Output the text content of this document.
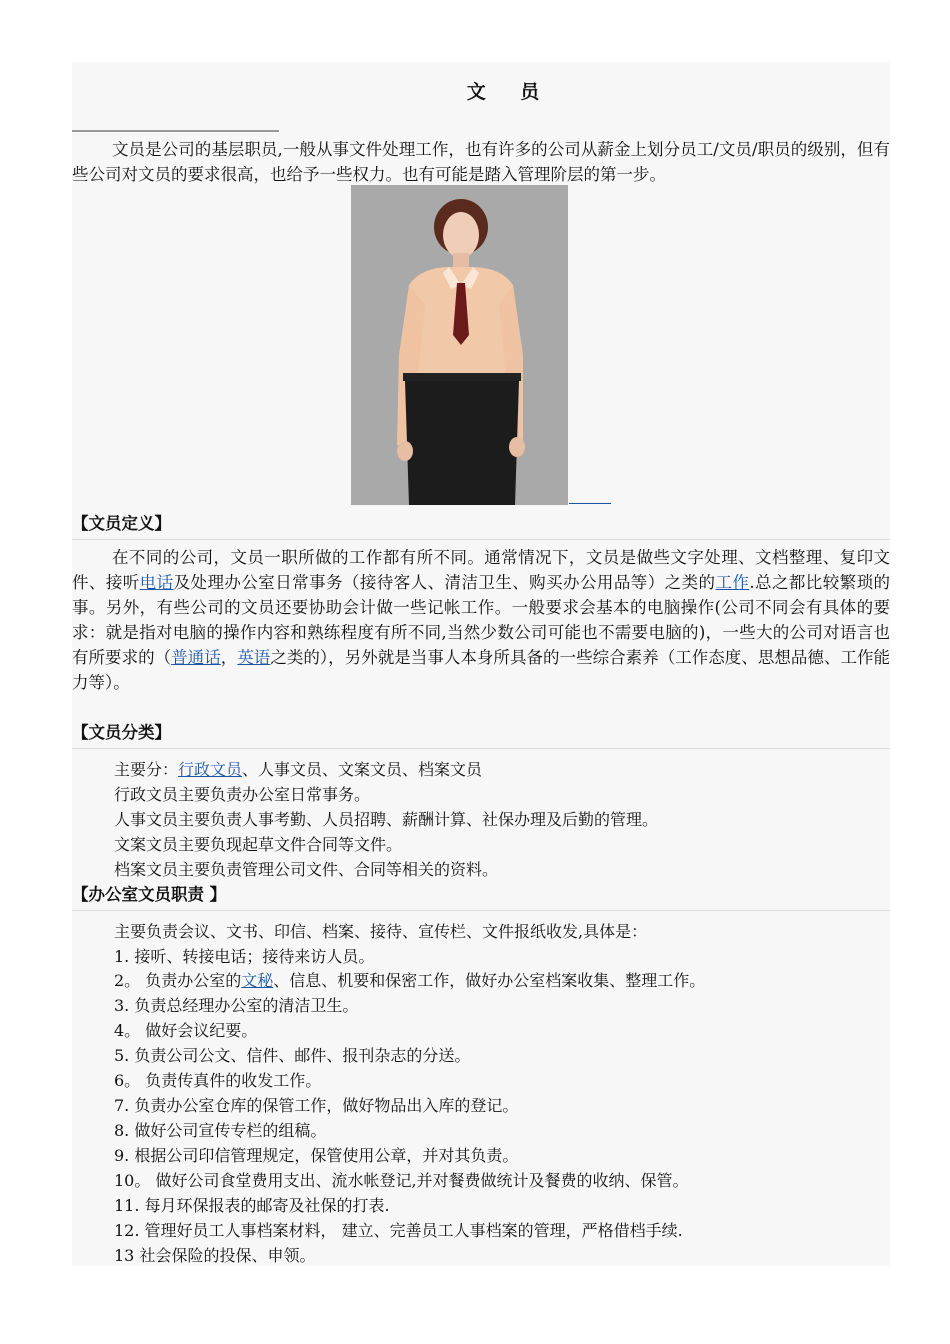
文 员
文员是公司的基层职员,一般从事文件处理工作，也有许多的公司从薪金上划分员工/文员/职员的级别，但有些公司对文员的要求很高，也给予一些权力。也有可能是踏入管理阶层的第一步。
【文员定义】
在不同的公司，文员一职所做的工作都有所不同。通常情况下，文员是做些文字处理、文档整理、复印文件、接听电话及处理办公室日常事务（接待客人、清洁卫生、购买办公用品等）之类的工作.总之都比较繁琐的事。另外，有些公司的文员还要协助会计做一些记帐工作。一般要求会基本的电脑操作(公司不同会有具体的要求：就是指对电脑的操作内容和熟练程度有所不同,当然少数公司可能也不需要电脑的)，一些大的公司对语言也有所要求的（普通话，英语之类的），另外就是当事人本身所具备的一些综合素养（工作态度、思想品德、工作能力等）。
【文员分类】
主要分：行政文员、人事文员、文案文员、档案文员
行政文员主要负责办公室日常事务。
人事文员主要负责人事考勤、人员招聘、薪酬计算、社保办理及后勤的管理。
文案文员主要负现起草文件合同等文件。
档案文员主要负责管理公司文件、合同等相关的资料。
【办公室文员职责 】
主要负责会议、文书、印信、档案、接待、宣传栏、文件报纸收发,具体是：
1. 接听、转接电话；接待来访人员。
2。 负责办公室的文秘、信息、机要和保密工作，做好办公室档案收集、整理工作。
3. 负责总经理办公室的清洁卫生。
4。 做好会议纪要。
5. 负责公司公文、信件、邮件、报刊杂志的分送。
6。 负责传真件的收发工作。
7. 负责办公室仓库的保管工作，做好物品出入库的登记。
8. 做好公司宣传专栏的组稿。
9. 根据公司印信管理规定，保管使用公章，并对其负责。
10。 做好公司食堂费用支出、流水帐登记,并对餐费做统计及餐费的收纳、保管。
11. 每月环保报表的邮寄及社保的打表.
12. 管理好员工人事档案材料， 建立、完善员工人事档案的管理，严格借档手续.
13 社会保险的投保、申领。
